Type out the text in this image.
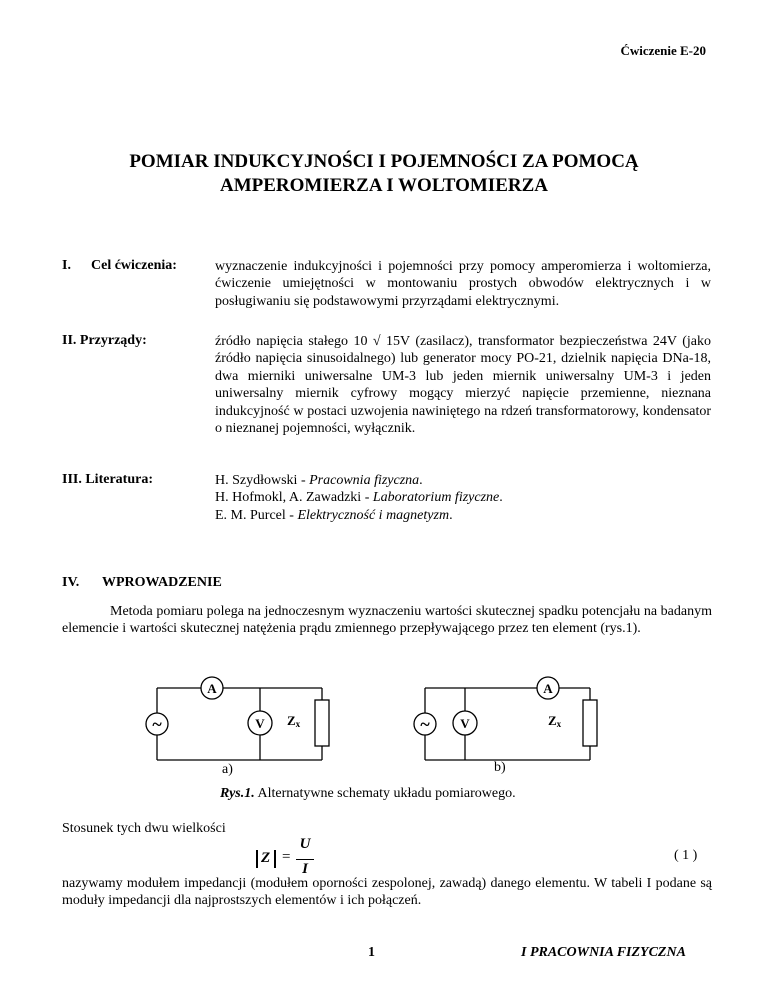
Ćwiczenie E-20
POMIAR INDUKCYJNOŚCI I POJEMNOŚCI ZA POMOCĄ
AMPEROMIERZA I WOLTOMIERZA
I. Cel ćwiczenia:	wyznaczenie indukcyjności i pojemności przy pomocy amperomierza i woltomierza, ćwiczenie umiejętności w montowaniu prostych obwodów elektrycznych i w posługiwaniu się podstawowymi przyrządami elektrycznymi.

II. Przyrządy:	źródło napięcia stałego 10 √ 15V (zasilacz), transformator bezpieczeństwa 24V (jako źródło napięcia sinusoidalnego) lub generator mocy PO-21, dzielnik napięcia DNa-18, dwa mierniki uniwersalne UM-3 lub jeden miernik uniwersalny UM-3 i jeden uniwersalny miernik cyfrowy mogący mierzyć napięcie przemienne, nieznana indukcyjność w postaci uzwojenia nawiniętego na rdzeń transformatorowy, kondensator o nieznanej pojemności, wyłącznik.

III. Literatura:	H. Szydłowski - Pracownia fizyczna.
H. Hofmokl, A. Zawadzki - Laboratorium fizyczne.
E. M. Purcel - Elektryczność i magnetyzm.
IV. WPROWADZENIE
Metoda pomiaru polega na jednoczesnym wyznaczeniu wartości skutecznej spadku potencjału na badanym elemencie i wartości skutecznej natężenia prądu zmiennego przepływającego przez ten element (rys.1).
A
~	V
A
~ V
Zx	Zx
a)	b)
Rys.1. Alternatywne schematy układu pomiarowego.
Stosunek tych dwu wielkości
Z =
U
I
( 1 )
nazywamy modułem impedancji (modułem oporności zespolonej, zawadą) danego elementu. W tabeli I podane są moduły impedancji dla najprostszych elementów i ich połączeń.
1	I PRACOWNIA FIZYCZNA
